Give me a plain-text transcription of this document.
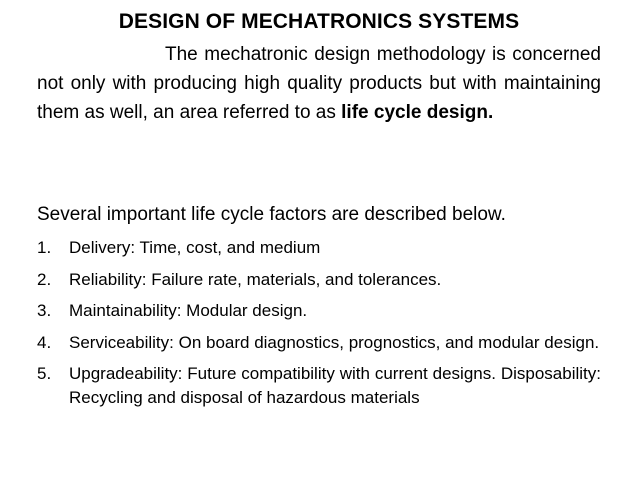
DESIGN OF MECHATRONICS SYSTEMS

The mechatronic design methodology is concerned not only with producing high quality products but with maintaining them as well, an area referred to as life cycle design.

Several important life cycle factors are described below.
1. Delivery: Time, cost, and medium
2. Reliability: Failure rate, materials, and tolerances.
3. Maintainability: Modular design.
4. Serviceability: On board diagnostics, prognostics, and modular design.
5. Upgradeability: Future compatibility with current designs. Disposability: Recycling and disposal of hazardous materials
